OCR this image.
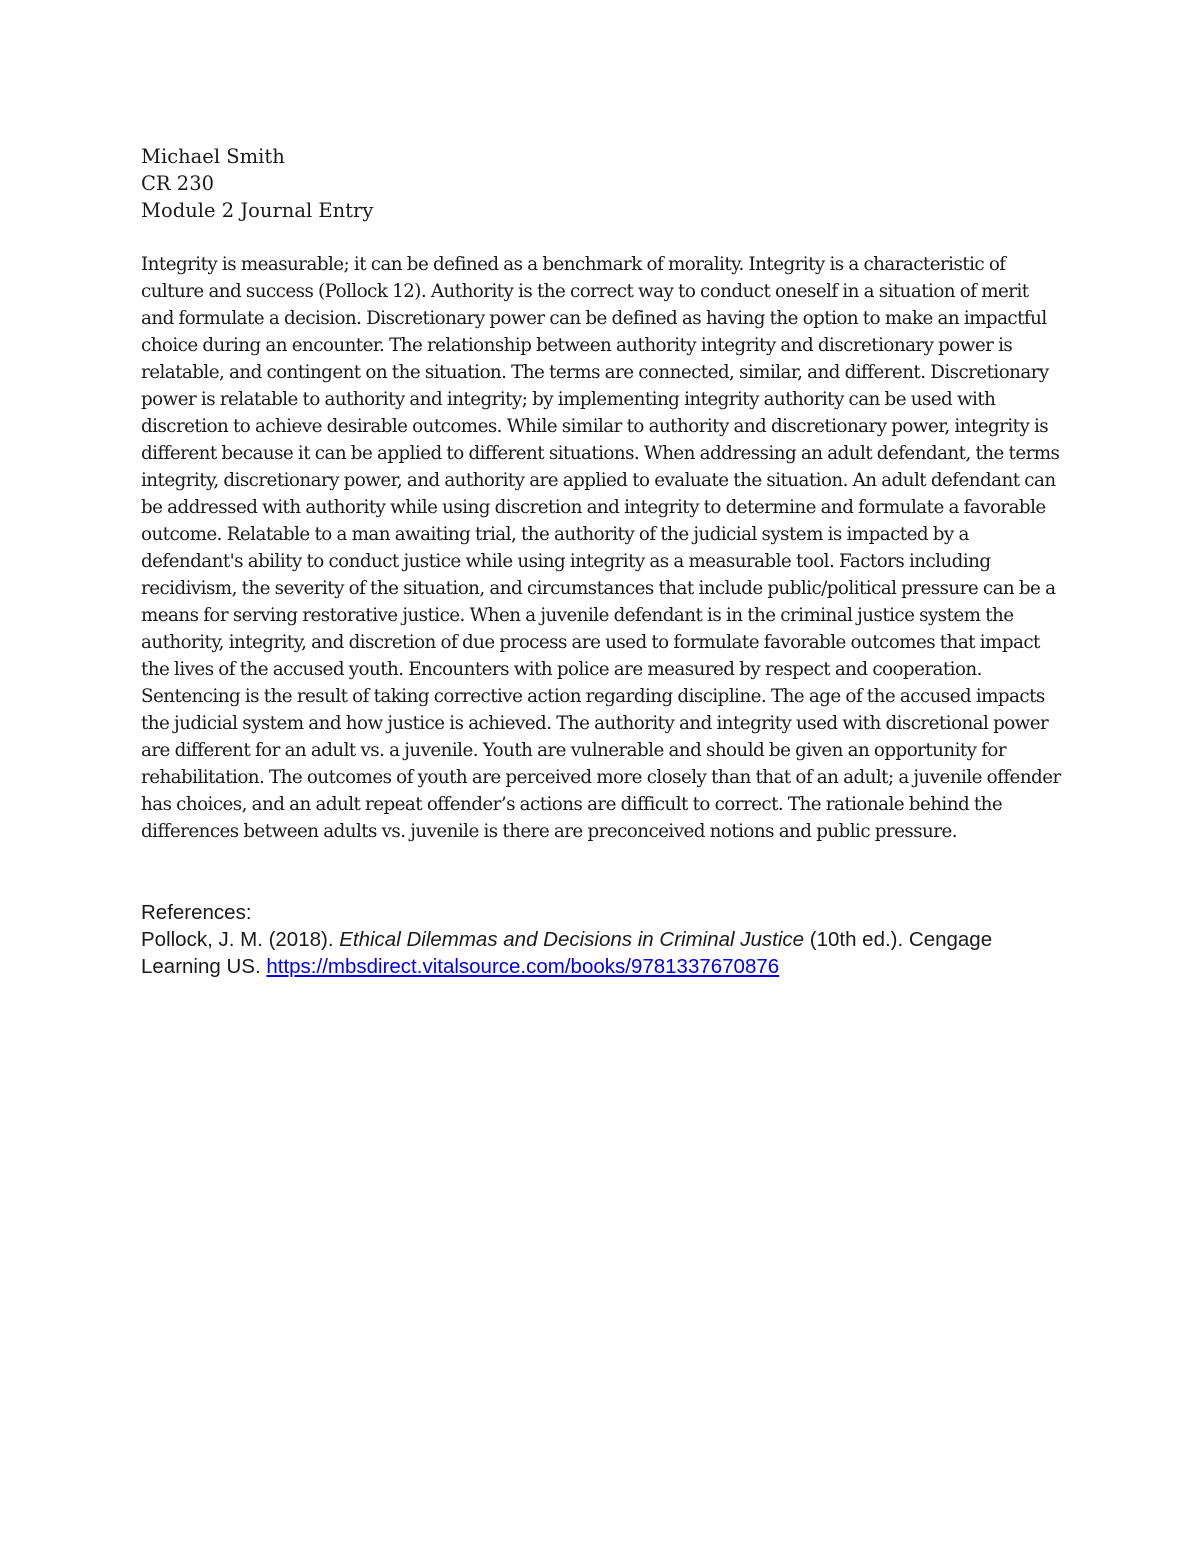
Michael Smith

CR 230

Module 2 Journal Entry

Integrity is measurable; it can be defined as a benchmark of morality. Integrity is a characteristic of culture and success (Pollock 12). Authority is the correct way to conduct oneself in a situation of merit and formulate a decision. Discretionary power can be defined as having the option to make an impactful choice during an encounter. The relationship between authority integrity and discretionary power is relatable, and contingent on the situation. The terms are connected, similar, and different. Discretionary power is relatable to authority and integrity; by implementing integrity authority can be used with discretion to achieve desirable outcomes. While similar to authority and discretionary power, integrity is different because it can be applied to different situations. When addressing an adult defendant, the terms integrity, discretionary power, and authority are applied to evaluate the situation. An adult defendant can be addressed with authority while using discretion and integrity to determine and formulate a favorable outcome. Relatable to a man awaiting trial, the authority of the judicial system is impacted by a defendant's ability to conduct justice while using integrity as a measurable tool. Factors including recidivism, the severity of the situation, and circumstances that include public/political pressure can be a means for serving restorative justice. When a juvenile defendant is in the criminal justice system the authority, integrity, and discretion of due process are used to formulate favorable outcomes that impact the lives of the accused youth. Encounters with police are measured by respect and cooperation. Sentencing is the result of taking corrective action regarding discipline. The age of the accused impacts the judicial system and how justice is achieved. The authority and integrity used with discretional power are different for an adult vs. a juvenile. Youth are vulnerable and should be given an opportunity for rehabilitation. The outcomes of youth are perceived more closely than that of an adult; a juvenile offender has choices, and an adult repeat offender’s actions are difficult to correct. The rationale behind the differences between adults vs. juvenile is there are preconceived notions and public pressure.

References:

Pollock, J. M. (2018). Ethical Dilemmas and Decisions in Criminal Justice (10th ed.). Cengage Learning US. https://mbsdirect.vitalsource.com/books/9781337670876
